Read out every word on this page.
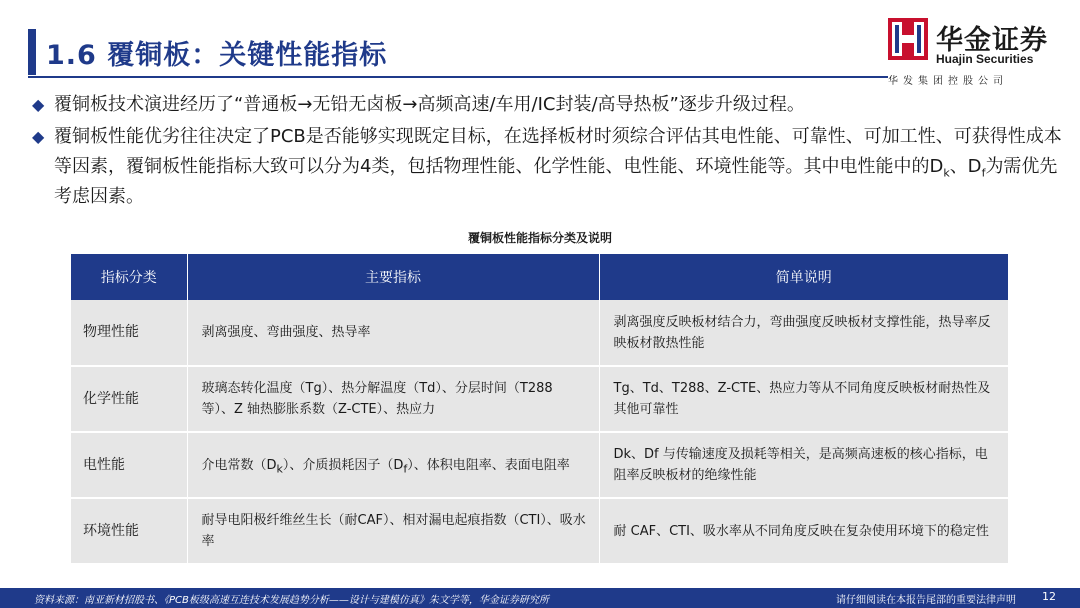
1.6 覆铜板：关键性能指标	华金证券
Huajin Securities
华发集团控股公司
◆ 覆铜板技术演进经历了“普通板→无铅无卤板→高频高速/车用/IC封装/高导热板”逐步升级过程。
◆ 覆铜板性能优劣往往决定了PCB是否能够实现既定目标，在选择板材时须综合评估其电性能、可靠性、可加工性、可获得性成本等因素，覆铜板性能指标大致可以分为4类，包括物理性能、化学性能、电性能、环境性能等。其中电性能中的$D_k$、$D_f$为需优先考虑因素。
覆铜板性能指标分类及说明
指标分类	主要指标	简单说明
物理性能	剥离强度、弯曲强度、热导率	剥离强度反映板材结合力，弯曲强度反映板材支撑性能，热导率反映板材散热性能
化学性能	玻璃态转化温度（Tg）、热分解温度（Td）、分层时间（T288 等）、Z 轴热膨胀系数（Z-CTE）、热应力	Tg、Td、T288、Z-CTE、热应力等从不同角度反映板材耐热性及其他可靠性
电性能	介电常数$(D_k)$、介质损耗因子$(D_f)$、体积电阻率、表面电阻率	Dk、Df 与传输速度及损耗等相关，是高频高速板的核心指标，电阻率反映板材的绝缘性能
环境性能	耐导电阳极纤维丝生长（耐CAF）、相对漏电起痕指数（CTI）、吸水率	耐 CAF、CTI、吸水率从不同角度反映在复杂使用环境下的稳定性
资料来源：南亚新材招股书、《PCB板级高速互连技术发展趋势分析——设计与建模仿真》朱文学等，华金证券研究所	请仔细阅读在本报告尾部的重要法律声明 12
